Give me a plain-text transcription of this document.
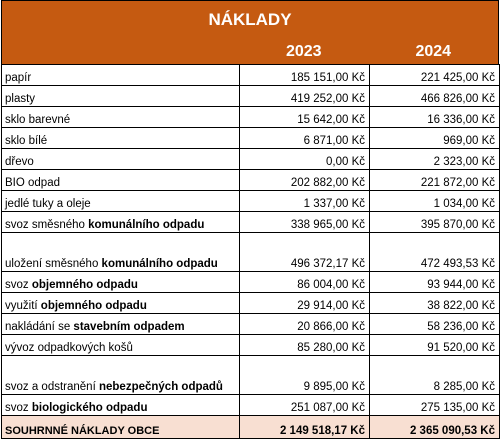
NÁKLADY
2023	2024
papír	185 151,00 Kč		221 425,00 Kč
plasty	419 252,00 Kč		466 826,00 Kč
sklo barevné	15 642,00 Kč		16 336,00 Kč
sklo bílé	6 871,00 Kč		969,00 Kč
dřevo	0,00 Kč		2 323,00 Kč
BIO odpad	202 882,00 Kč		221 872,00 Kč
jedlé tuky a oleje	1 337,00 Kč		1 034,00 Kč
svoz směsného komunálního odpadu	338 965,00 Kč		395 870,00 Kč
uložení směsného komunálního odpadu	496 372,17 Kč		472 493,53 Kč
svoz objemného odpadu	86 004,00 Kč		93 944,00 Kč
využití objemného odpadu	29 914,00 Kč		38 822,00 Kč
nakládání se stavebním odpadem	20 866,00 Kč		58 236,00 Kč
vývoz odpadkových košů	85 280,00 Kč		91 520,00 Kč
svoz a odstranění nebezpečných odpadů	9 895,00 Kč		8 285,00 Kč
svoz biologického odpadu	251 087,00 Kč		275 135,00 Kč
SOUHRNNÉ NÁKLADY OBCE	2 149 518,17 Kč		2 365 090,53 Kč
